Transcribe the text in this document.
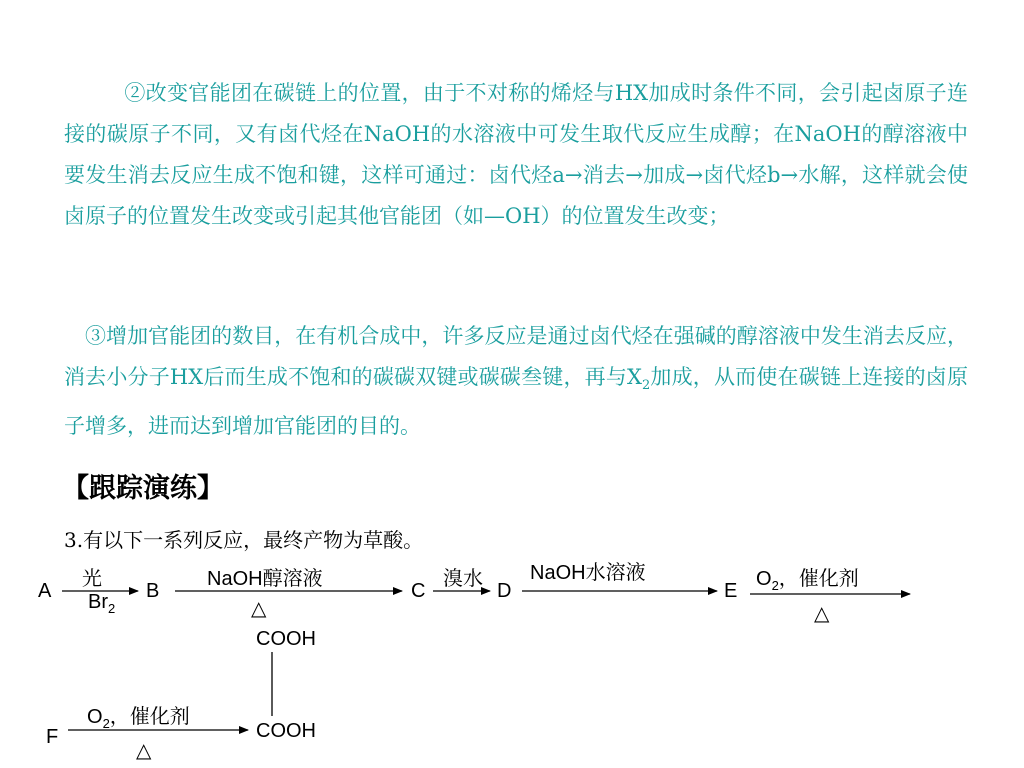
②改变官能团在碳链上的位置，由于不对称的烯烃与HX加成时条件不同，会引起卤原子连接的碳原子不同，又有卤代烃在NaOH的水溶液中可发生取代反应生成醇；在NaOH的醇溶液中要发生消去反应生成不饱和键，这样可通过：卤代烃a→消去→加成→卤代烃b→水解，这样就会使卤原子的位置发生改变或引起其他官能团（如—OH）的位置发生改变；

③增加官能团的数目，在有机合成中，许多反应是通过卤代烃在强碱的醇溶液中发生消去反应，消去小分子HX后而生成不饱和的碳碳双键或碳碳叁键，再与$X_2$加成，从而使在碳链上连接的卤原子增多，进而达到增加官能团的目的。

【跟踪演练】
3.有以下一系列反应，最终产物为草酸。
A
光
$Br_2$
B
NaOH醇溶液
△
C
溴水
D
NaOH水溶液
E
$O_2$，催化剂
△
COOH
COOH
F
$O_2$，催化剂
△
